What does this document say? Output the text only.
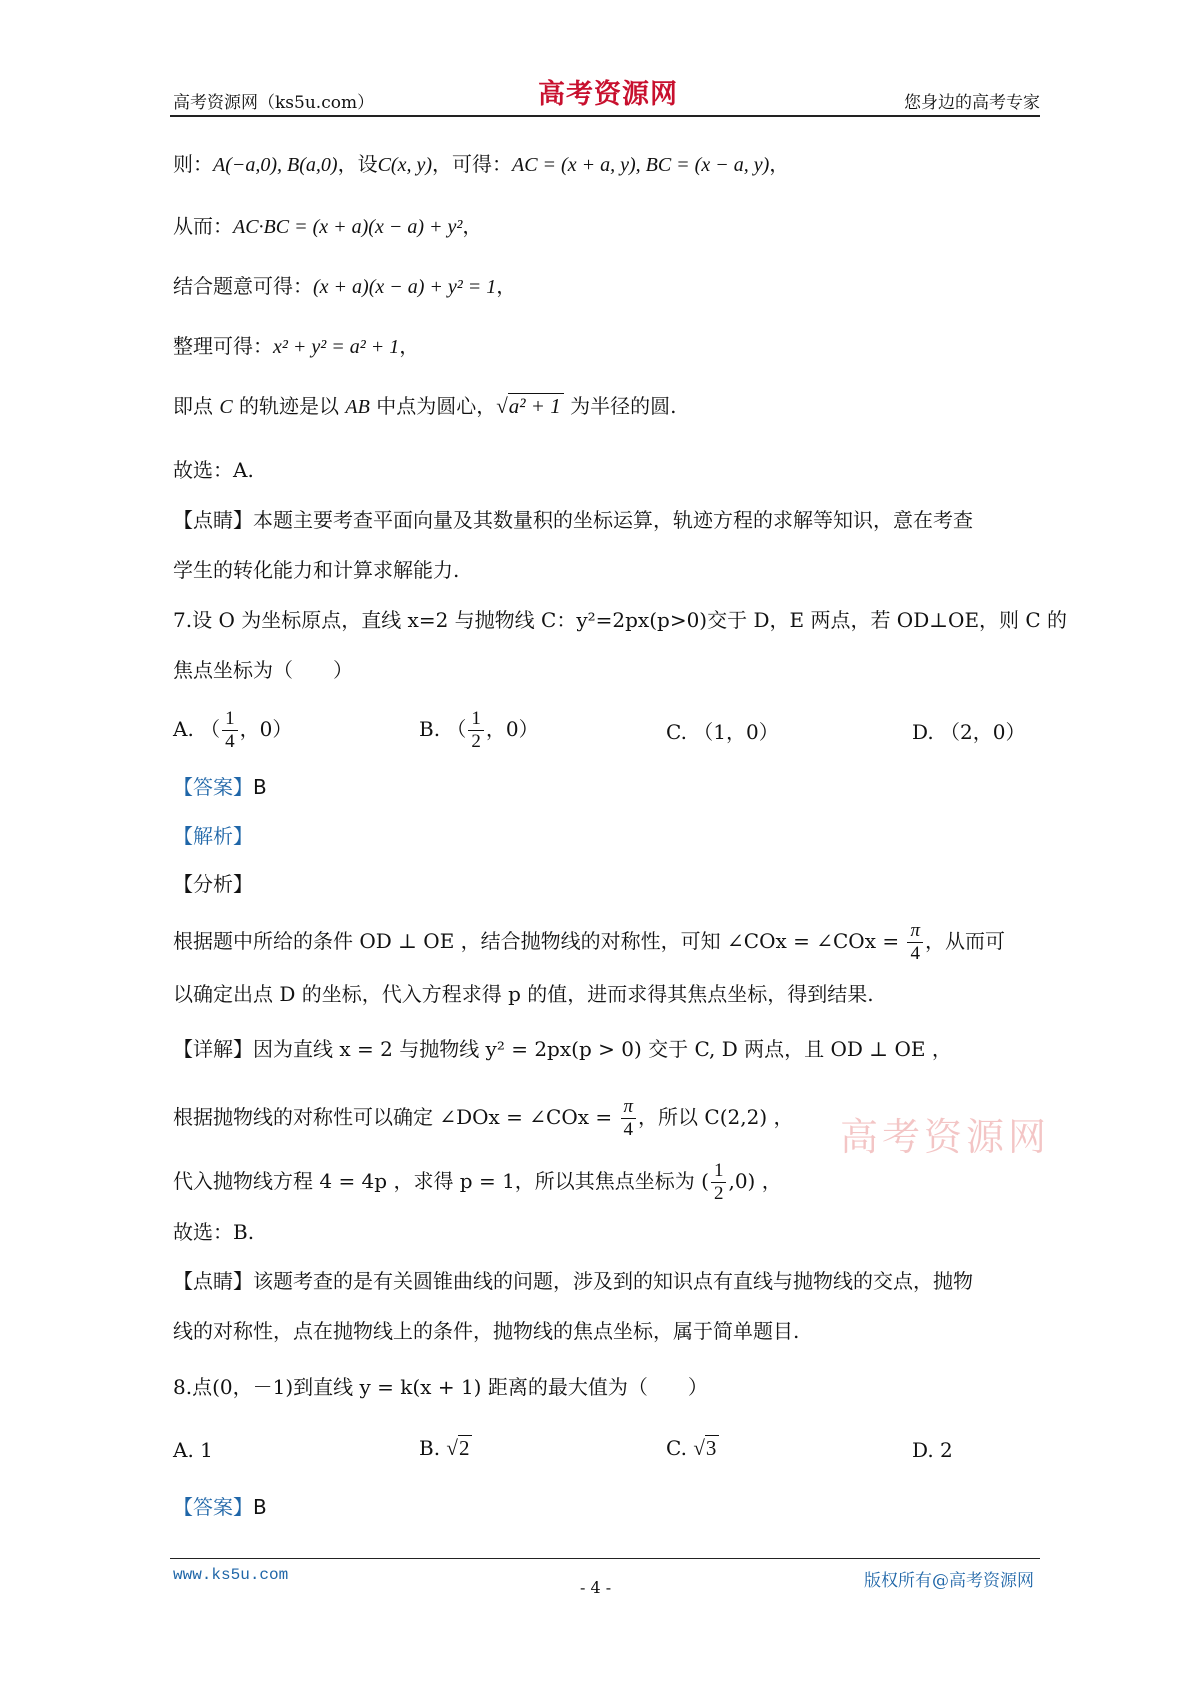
高考资源网（ks5u.com）	高考资源网	您身边的高考专家
则：A(−a,0), B(a,0)，设C(x, y)，可得：AC = (x + a, y), BC = (x − a, y)，
从而：AC·BC = (x + a)(x − a) + y²，
结合题意可得：(x + a)(x − a) + y² = 1，
整理可得：x² + y² = a² + 1，
即点 C 的轨迹是以 AB 中点为圆心，√a² + 1 为半径的圆.
故选：A.
【点睛】本题主要考查平面向量及其数量积的坐标运算，轨迹方程的求解等知识，意在考查
学生的转化能力和计算求解能力.
7.设 O 为坐标原点，直线 x=2 与抛物线 C：y²=2px(p>0)交于 D，E 两点，若 OD⊥OE，则 C 的
焦点坐标为（　　）
A. （ $\frac{1}{4}$ ，0）	B. （ $\frac{1}{2}$ ，0）	C. （1，0）	D. （2，0）
【答案】B
【解析】
【分析】
根据题中所给的条件 OD ⊥ OE ，结合抛物线的对称性，可知 ∠COx = ∠COx = $\frac{\pi}{4}$ ，从而可
以确定出点 D 的坐标，代入方程求得 p 的值，进而求得其焦点坐标，得到结果.
【详解】因为直线 x = 2 与抛物线 y² = 2px(p > 0) 交于 C, D 两点，且 OD ⊥ OE ，
根据抛物线的对称性可以确定 ∠DOx = ∠COx = $\frac{\pi}{4}$ ，所以 C(2,2) ，
代入抛物线方程 4 = 4p ，求得 p = 1，所以其焦点坐标为 ( $\frac{1}{2} ,0$) ，
故选：B.
【点睛】该题考查的是有关圆锥曲线的问题，涉及到的知识点有直线与抛物线的交点，抛物
线的对称性，点在抛物线上的条件，抛物线的焦点坐标，属于简单题目.
8.点(0，－1)到直线 y = k(x + 1) 距离的最大值为（　　）
A. 1	B. √2	C. √3	D. 2
【答案】B
高考资源网
www.ks5u.com
- 4 -	版权所有@高考资源网
